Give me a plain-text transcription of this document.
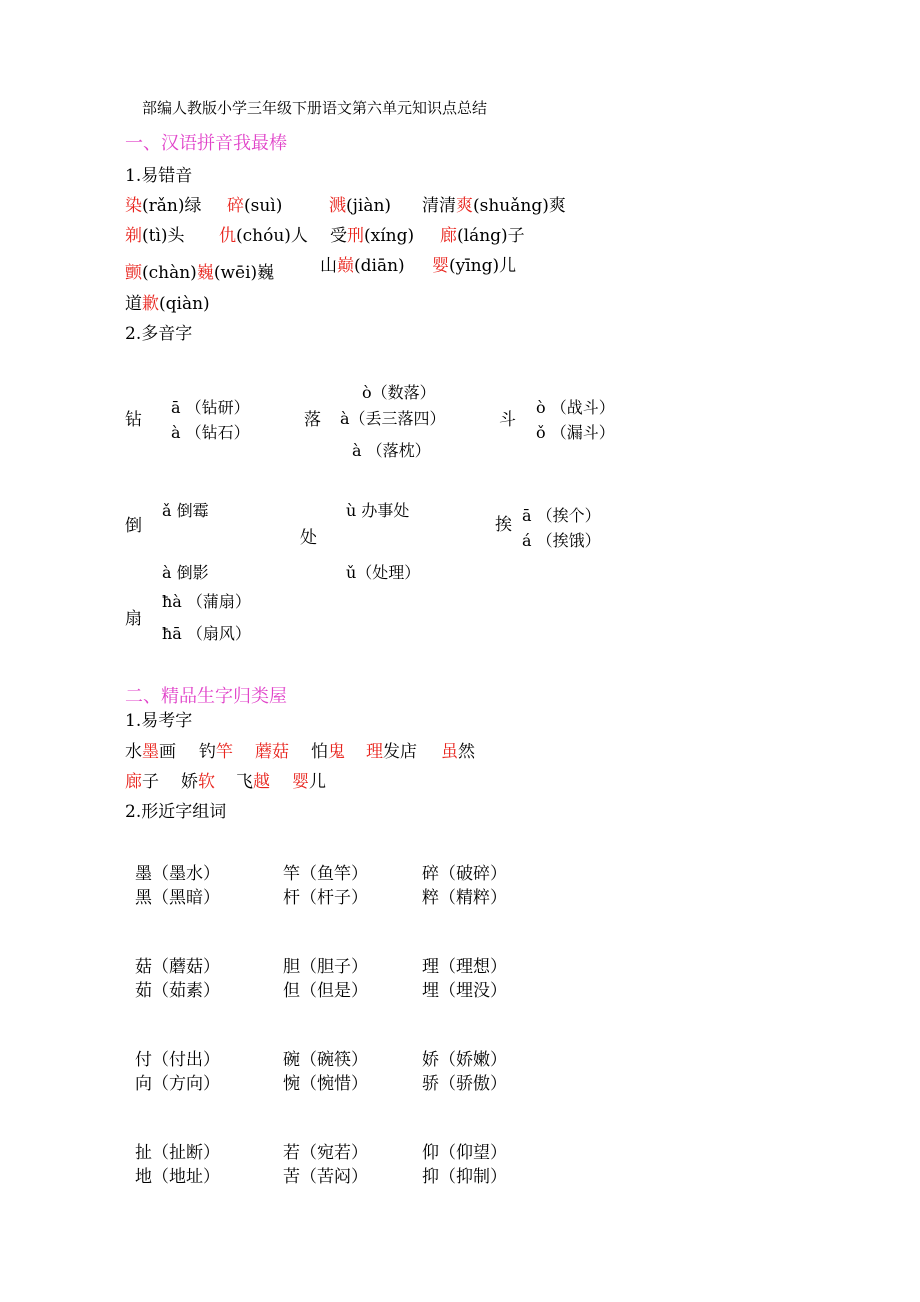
部编人教版小学三年级下册语文第六单元知识点总结
一、汉语拼音我最棒
1.易错音
染(rǎn)绿 碎(suì)	溅(jiàn) 清清爽(shuǎng)爽
剃(tì)头 仇(chóu)人 受刑(xíng) 廊(láng)子
颤(chàn)巍(wēi)巍	山巅(diān) 婴(yīng)儿
道歉(qiàn)
2.多音字
钻
ā （钻研）
à （钻石）
落
ò（数落）
à（丢三落四）
à （落枕）
斗
ò （战斗）
ǒ （漏斗）
倒
ǎ 倒霉
à 倒影
处
ù 办事处
ǔ（处理）
挨 ā （挨个）
á （挨饿）
扇
ħà （蒲扇）
ħā （扇风）
二、精品生字归类屋
1.易考字
水墨画 钓竿 蘑菇 怕鬼 理发店 虽然
廊子 娇软 飞越 婴儿
2.形近字组词
墨（墨水）	竿（鱼竿）	碎（破碎）
黑（黑暗）	杆（杆子）	粹（精粹）
菇（蘑菇）	胆（胆子）	理（理想）
茹（茹素）	但（但是）	埋（埋没）
付（付出）	碗（碗筷）	娇（娇嫩）
向（方向）	惋（惋惜）	骄（骄傲）
扯（扯断）	若（宛若）	仰（仰望）
地（地址）	苦（苦闷）	抑（抑制）
